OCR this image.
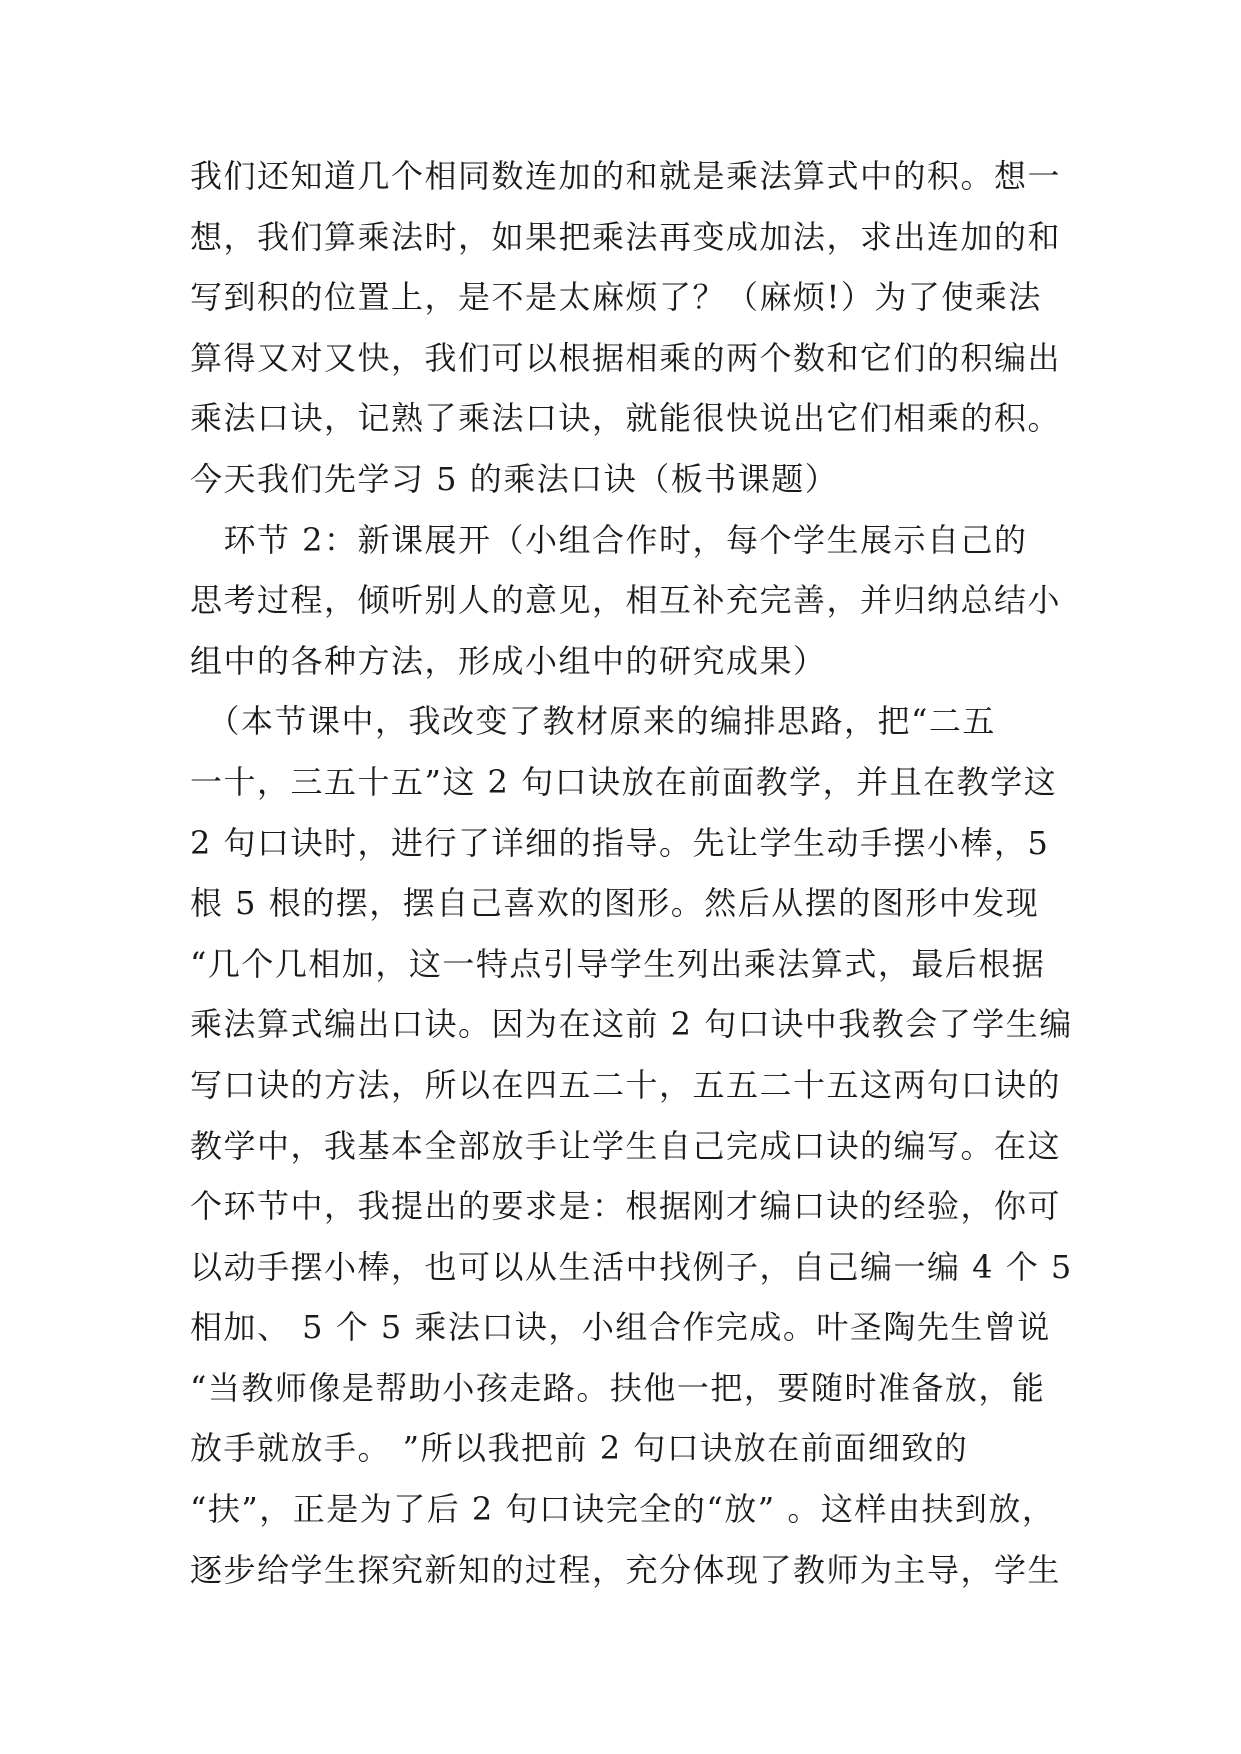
我们还知道几个相同数连加的和就是乘法算式中的积。想一
想，我们算乘法时，如果把乘法再变成加法，求出连加的和
写到积的位置上，是不是太麻烦了？（麻烦!）为了使乘法
算得又对又快，我们可以根据相乘的两个数和它们的积编出
乘法口诀，记熟了乘法口诀，就能很快说出它们相乘的积。
今天我们先学习 5 的乘法口诀（板书课题）
　环节 2：新课展开（小组合作时，每个学生展示自己的
思考过程，倾听别人的意见，相互补充完善，并归纳总结小
组中的各种方法，形成小组中的研究成果）
　（本节课中，我改变了教材原来的编排思路，把“二五
一十，三五十五”这 2 句口诀放在前面教学，并且在教学这
2 句口诀时，进行了详细的指导。先让学生动手摆小棒，5
根 5 根的摆，摆自己喜欢的图形。然后从摆的图形中发现
“几个几相加，这一特点引导学生列出乘法算式，最后根据
乘法算式编出口诀。因为在这前 2 句口诀中我教会了学生编
写口诀的方法，所以在四五二十，五五二十五这两句口诀的
教学中，我基本全部放手让学生自己完成口诀的编写。在这
个环节中，我提出的要求是：根据刚才编口诀的经验，你可
以动手摆小棒，也可以从生活中找例子，自己编一编 4 个 5
相加、 5 个 5 乘法口诀，小组合作完成。叶圣陶先生曾说
“当教师像是帮助小孩走路。扶他一把，要随时准备放，能
放手就放手。 ”所以我把前 2 句口诀放在前面细致的
“扶”，正是为了后 2 句口诀完全的“放” 。这样由扶到放，
逐步给学生探究新知的过程，充分体现了教师为主导，学生
